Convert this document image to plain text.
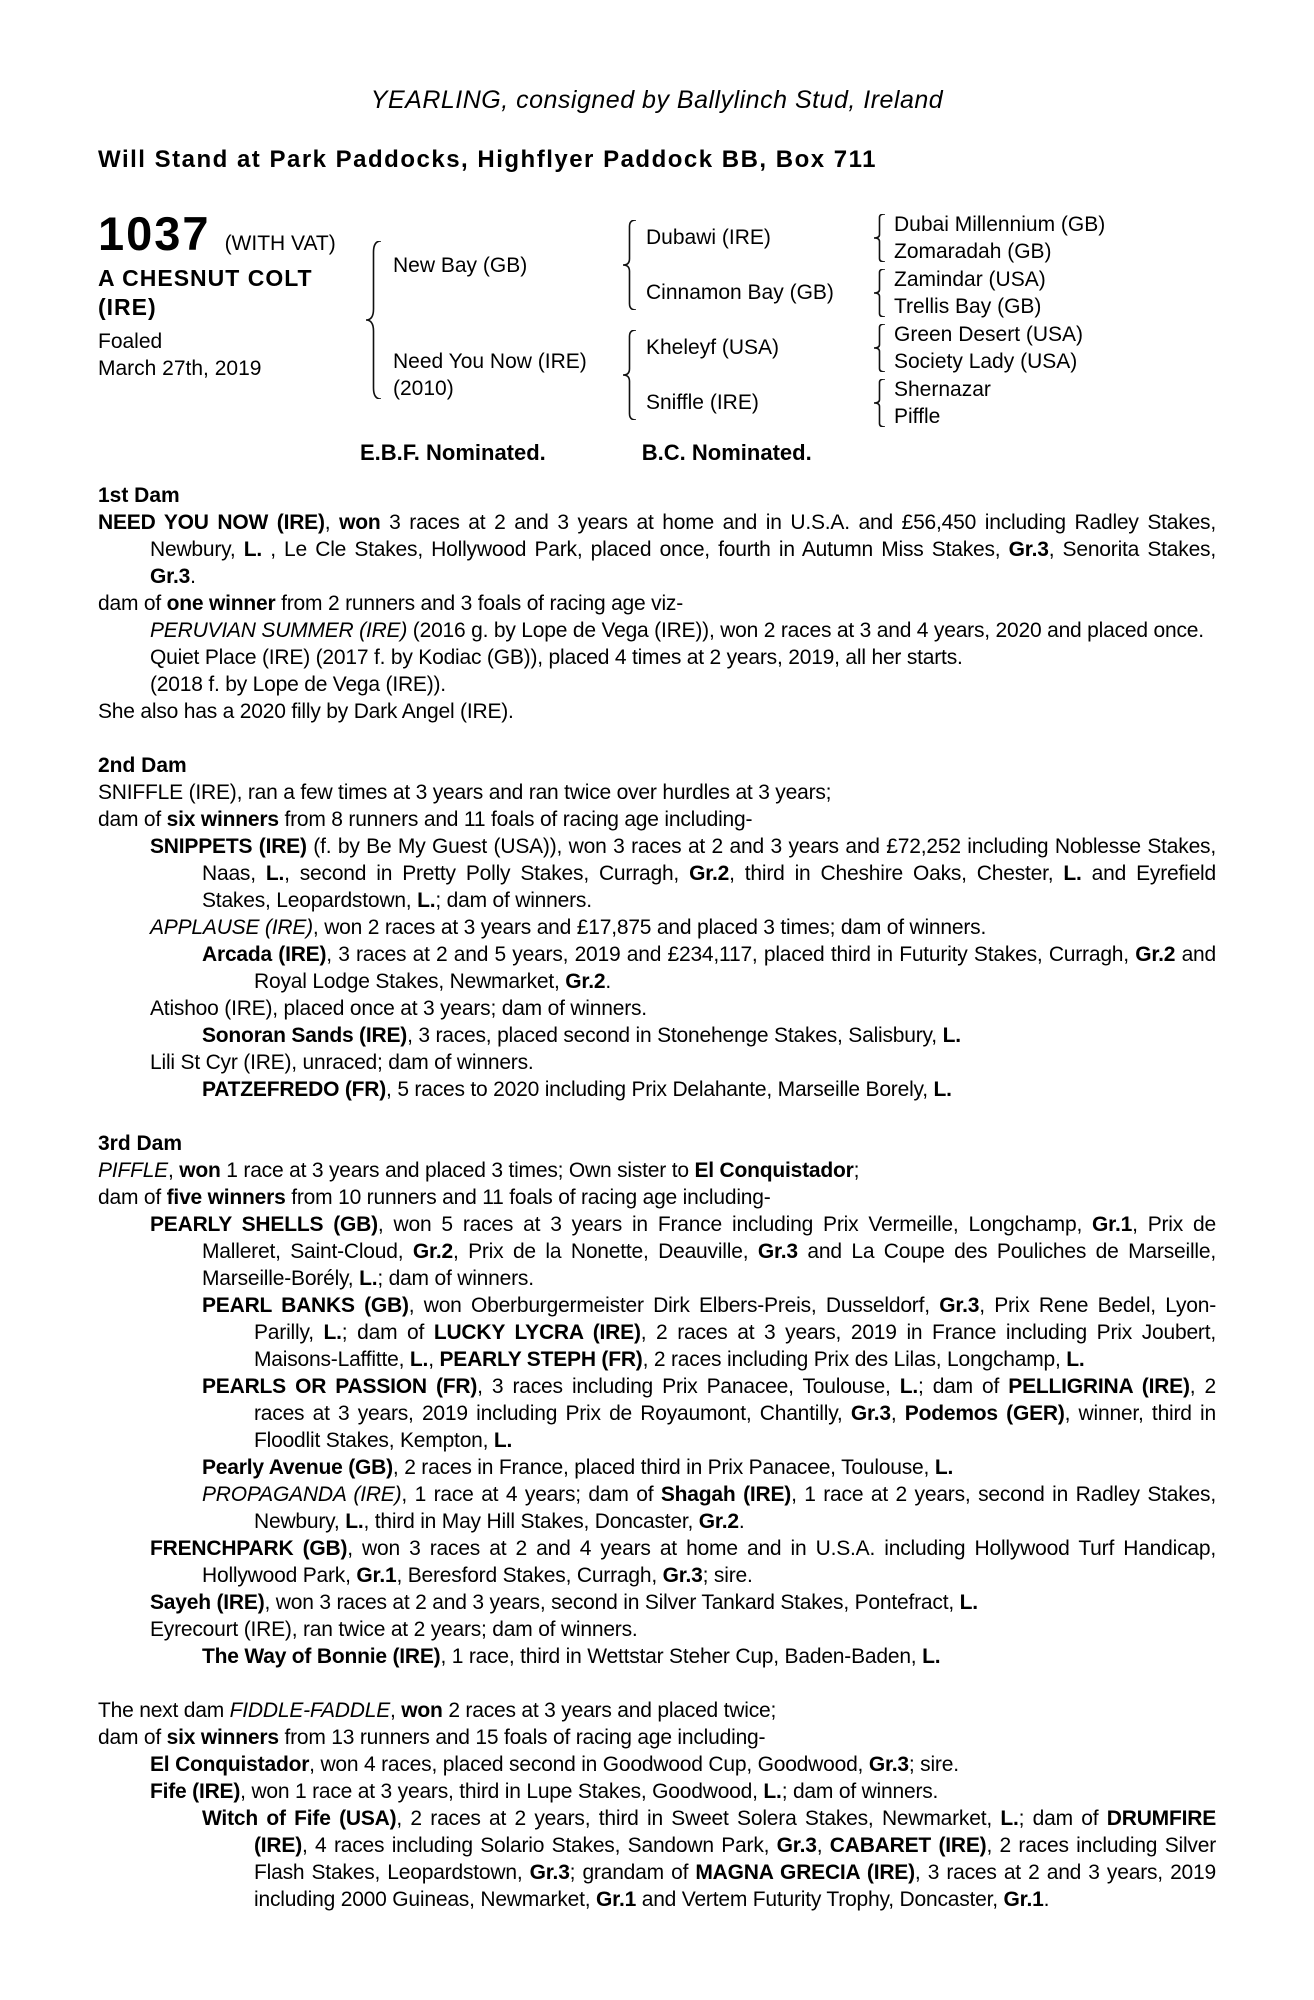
YEARLING, consigned by Ballylinch Stud, Ireland
Will Stand at Park Paddocks, Highflyer Paddock BB, Box 711
1037 (WITH VAT)
A CHESNUT COLT
(IRE)
Foaled
March 27th, 2019
New Bay (GB)
Dubawi (IRE)
Dubai Millennium (GB)
Zomaradah (GB)
Cinnamon Bay (GB)
Zamindar (USA)
Trellis Bay (GB)
Need You Now (IRE)
(2010)
Kheleyf (USA)
Green Desert (USA)
Society Lady (USA)
Sniffle (IRE)
Shernazar
Piffle
E.B.F. Nominated.	B.C. Nominated.
1st Dam

NEED YOU NOW (IRE), won 3 races at 2 and 3 years at home and in U.S.A. and £56,450 including Radley Stakes, Newbury, L. , Le Cle Stakes, Hollywood Park, placed once, fourth in Autumn Miss Stakes, Gr.3, Senorita Stakes, Gr.3.

dam of one winner from 2 runners and 3 foals of racing age viz-

PERUVIAN SUMMER (IRE) (2016 g. by Lope de Vega (IRE)), won 2 races at 3 and 4 years, 2020 and placed once.

Quiet Place (IRE) (2017 f. by Kodiac (GB)), placed 4 times at 2 years, 2019, all her starts.

(2018 f. by Lope de Vega (IRE)).

She also has a 2020 filly by Dark Angel (IRE).

2nd Dam

SNIFFLE (IRE), ran a few times at 3 years and ran twice over hurdles at 3 years;

dam of six winners from 8 runners and 11 foals of racing age including-

SNIPPETS (IRE) (f. by Be My Guest (USA)), won 3 races at 2 and 3 years and £72,252 including Noblesse Stakes, Naas, L., second in Pretty Polly Stakes, Curragh, Gr.2, third in Cheshire Oaks, Chester, L. and Eyrefield Stakes, Leopardstown, L.; dam of winners.

APPLAUSE (IRE), won 2 races at 3 years and £17,875 and placed 3 times; dam of winners.

Arcada (IRE), 3 races at 2 and 5 years, 2019 and £234,117, placed third in Futurity Stakes, Curragh, Gr.2 and Royal Lodge Stakes, Newmarket, Gr.2.

Atishoo (IRE), placed once at 3 years; dam of winners.

Sonoran Sands (IRE), 3 races, placed second in Stonehenge Stakes, Salisbury, L.

Lili St Cyr (IRE), unraced; dam of winners.

PATZEFREDO (FR), 5 races to 2020 including Prix Delahante, Marseille Borely, L.

3rd Dam

PIFFLE, won 1 race at 3 years and placed 3 times; Own sister to El Conquistador;

dam of five winners from 10 runners and 11 foals of racing age including-

PEARLY SHELLS (GB), won 5 races at 3 years in France including Prix Vermeille, Longchamp, Gr.1, Prix de Malleret, Saint-Cloud, Gr.2, Prix de la Nonette, Deauville, Gr.3 and La Coupe des Pouliches de Marseille, Marseille-Borély, L.; dam of winners.

PEARL BANKS (GB), won Oberburgermeister Dirk Elbers-Preis, Dusseldorf, Gr.3, Prix Rene Bedel, Lyon-Parilly, L.; dam of LUCKY LYCRA (IRE), 2 races at 3 years, 2019 in France including Prix Joubert, Maisons-Laffitte, L., PEARLY STEPH (FR), 2 races including Prix des Lilas, Longchamp, L.

PEARLS OR PASSION (FR), 3 races including Prix Panacee, Toulouse, L.; dam of PELLIGRINA (IRE), 2 races at 3 years, 2019 including Prix de Royaumont, Chantilly, Gr.3, Podemos (GER), winner, third in Floodlit Stakes, Kempton, L.

Pearly Avenue (GB), 2 races in France, placed third in Prix Panacee, Toulouse, L.

PROPAGANDA (IRE), 1 race at 4 years; dam of Shagah (IRE), 1 race at 2 years, second in Radley Stakes, Newbury, L., third in May Hill Stakes, Doncaster, Gr.2.

FRENCHPARK (GB), won 3 races at 2 and 4 years at home and in U.S.A. including Hollywood Turf Handicap, Hollywood Park, Gr.1, Beresford Stakes, Curragh, Gr.3; sire.

Sayeh (IRE), won 3 races at 2 and 3 years, second in Silver Tankard Stakes, Pontefract, L.

Eyrecourt (IRE), ran twice at 2 years; dam of winners.

The Way of Bonnie (IRE), 1 race, third in Wettstar Steher Cup, Baden-Baden, L.

The next dam FIDDLE-FADDLE, won 2 races at 3 years and placed twice;

dam of six winners from 13 runners and 15 foals of racing age including-

El Conquistador, won 4 races, placed second in Goodwood Cup, Goodwood, Gr.3; sire.

Fife (IRE), won 1 race at 3 years, third in Lupe Stakes, Goodwood, L.; dam of winners.

Witch of Fife (USA), 2 races at 2 years, third in Sweet Solera Stakes, Newmarket, L.; dam of DRUMFIRE (IRE), 4 races including Solario Stakes, Sandown Park, Gr.3, CABARET (IRE), 2 races including Silver Flash Stakes, Leopardstown, Gr.3; grandam of MAGNA GRECIA (IRE), 3 races at 2 and 3 years, 2019 including 2000 Guineas, Newmarket, Gr.1 and Vertem Futurity Trophy, Doncaster, Gr.1.
